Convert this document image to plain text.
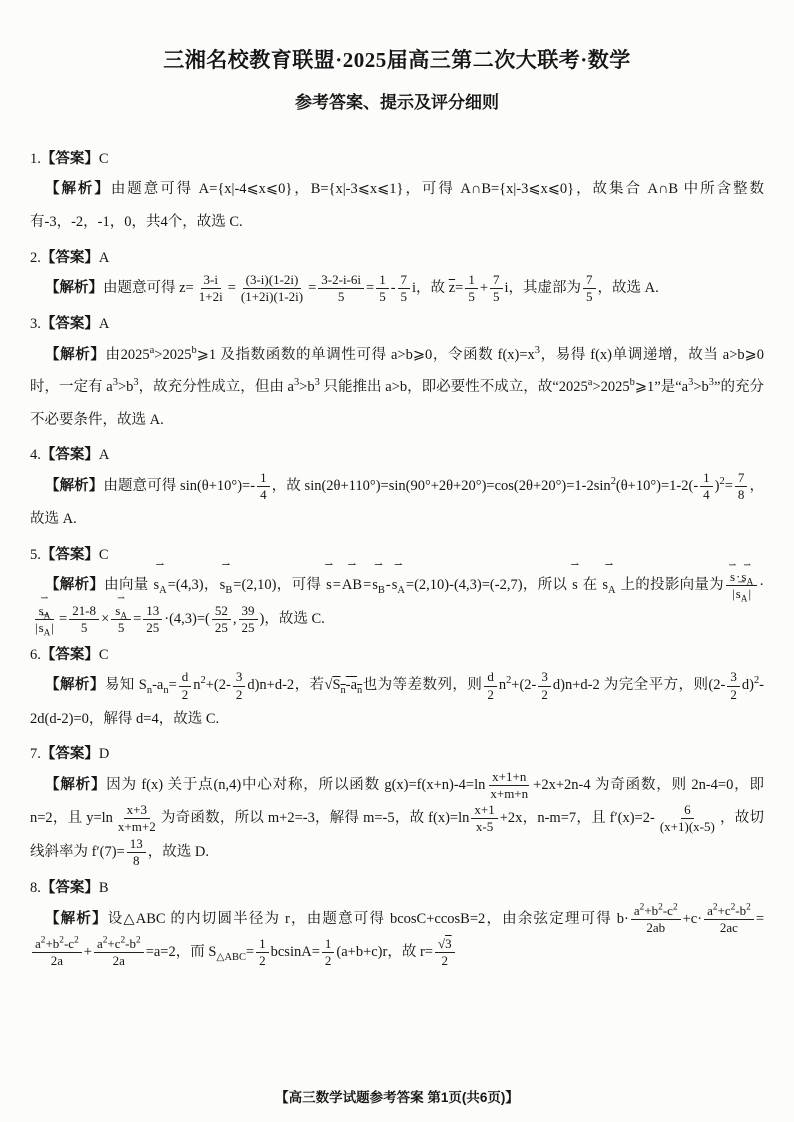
三湘名校教育联盟·2025届高三第二次大联考·数学
参考答案、提示及评分细则
1.【答案】C
【解析】由题意可得 A={x|-4⩽x⩽0}，B={x|-3⩽x⩽1}，可得 A∩B={x|-3⩽x⩽0}，故集合 A∩B 中所含整数有-3，-2，-1，0，共4个，故选 C.
2.【答案】A
【解析】由题意可得 $z= \frac{3-i}{1+2i} = \frac{(3-i)(1-2i)}{(1+2i)(1-2i)} = \frac{3-2-i-6i}{5} = \frac{1}{5} - \frac{7}{5}$ i，故 $\overline{z}= \frac{1}{5} + \frac{7}{5}$ i，其虚部为 $\frac{7}{5}$ ，故选 A.
3.【答案】A
【解析】由$2025^a>2025^b⩾1$ 及指数函数的单调性可得 a>b⩾0，令函数 $f(x)=x^3$，易得 f(x)单调递增，故当 a>b⩾0 时，一定有 $a^3>b^3$，故充分性成立，但由 $a^3>b^3$ 只能推出 a>b，即必要性不成立，故“$2025^a>2025^b⩾1$”是“$a^3>b^3$”的充分不必要条件，故选 A.
4.【答案】A
【解析】由题意可得 $\sin(\theta+10^\circ)=- \frac{1}{4}$ ，故 $\sin(2\theta+110^\circ)=\sin(90^\circ+2\theta+20^\circ)=\cos(2\theta+20^\circ)=1-2\sin^2(\theta+10^\circ)=1-2(- \frac{1}{4} )^2= \frac{7}{8}$ ，故选 A.
5.【答案】C
【解析】由向量 $s_A$ ⇀=(4,3)，$s_B$ ⇀=(2,10)，可得 s ⇀=AB $⇀=s_B$ $⇀-s_A$ ⇀=(2,10)-(4,3)=(-2,7)，所以 s ⇀ 在 $s_A$ ⇀ 上的投影向量为 $\frac{s ⇀\cdot s_A ⇀}{|s_A ⇀|}$ ·
$\frac{s_A ⇀}{|s_A ⇀|} = \frac{21-8}{5} \times \frac{s_A ⇀}{5} = \frac{13}{25} \cdot(4,3)=( \frac{52}{25}$ , $\frac{39}{25}$ )，故选 C.
6.【答案】C
【解析】易知 $S_n-a_n= \frac{d}{2} n^2+(2- \frac{3}{2} d)n+d-2$，若$√S_n-a_n$也为等差数列，则 $\frac{d}{2} n^2+(2- \frac{3}{2} d)n+d-2$ 为完全平方，则$(2- \frac{3}{2} d)^2-2d(d-2)=0$，解得 d=4，故选 C.
7.【答案】D
【解析】因为 f(x) 关于点(n,4)中心对称，所以函数 $g(x)=f(x+n)-4=\ln \frac{x+1+n}{x+m+n} +2x+2n-4$ 为奇函数，则 2n-4=0，即 n=2，且 $y=\ln \frac{x+3}{x+m+2}$ 为奇函数，所以 m+2=-3，解得 m=-5，故 $f(x)=\ln \frac{x+1}{x-5} +2x$，n-m=7，且 $f'(x)=2- \frac{6}{(x+1)(x-5)}$ ，故切线斜率为 $f'(7)= \frac{13}{8}$ ，故选 D.
8.【答案】B
【解析】设△ABC 的内切圆半径为 r，由题意可得 bcosC+ccosB=2，由余弦定理可得 $b\cdot \frac{a^2+b^2-c^2}{2ab} +c\cdot \frac{a^2+c^2-b^2}{2ac}$ =
$\frac{a^2+b^2-c^2}{2a} + \frac{a^2+c^2-b^2}{2a} =a=2$，而 $S_{\triangle ABC}= \frac{1}{2} bcsinA= \frac{1}{2} (a+b+c)r$，故 $r= \frac{√3}{2}$
【高三数学试题参考答案 第1页(共6页)】
